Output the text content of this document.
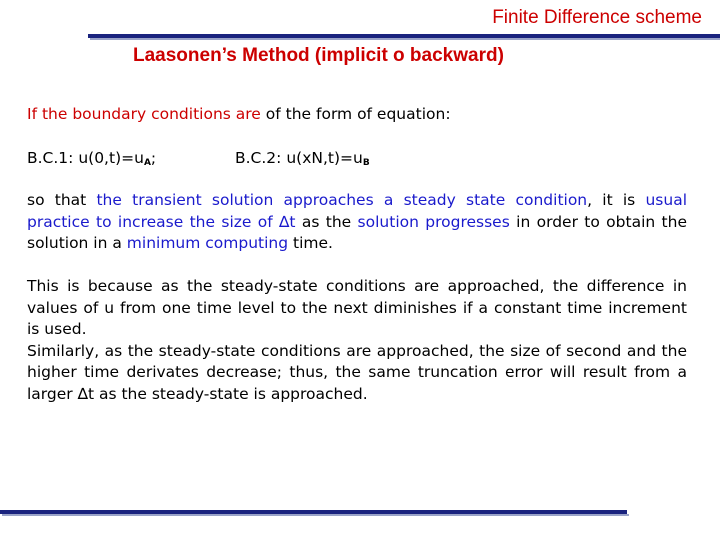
Finite Difference scheme
Laasonen’s Method (implicit o backward)
If the boundary conditions are of the form of equation:
B.C.1: $u(0,t)=u_A$;	B.C.2: $u(xN,t)=u_B$
so that the transient solution approaches a steady state condition, it is usual practice to increase the size of ∆t as the solution progresses in order to obtain the solution in a minimum computing time.
This is because as the steady-state conditions are approached, the difference in values of u from one time level to the next diminishes if a constant time increment is used.
Similarly, as the steady-state conditions are approached, the size of second and the higher time derivates decrease; thus, the same truncation error will result from a larger ∆t as the steady-state is approached.
